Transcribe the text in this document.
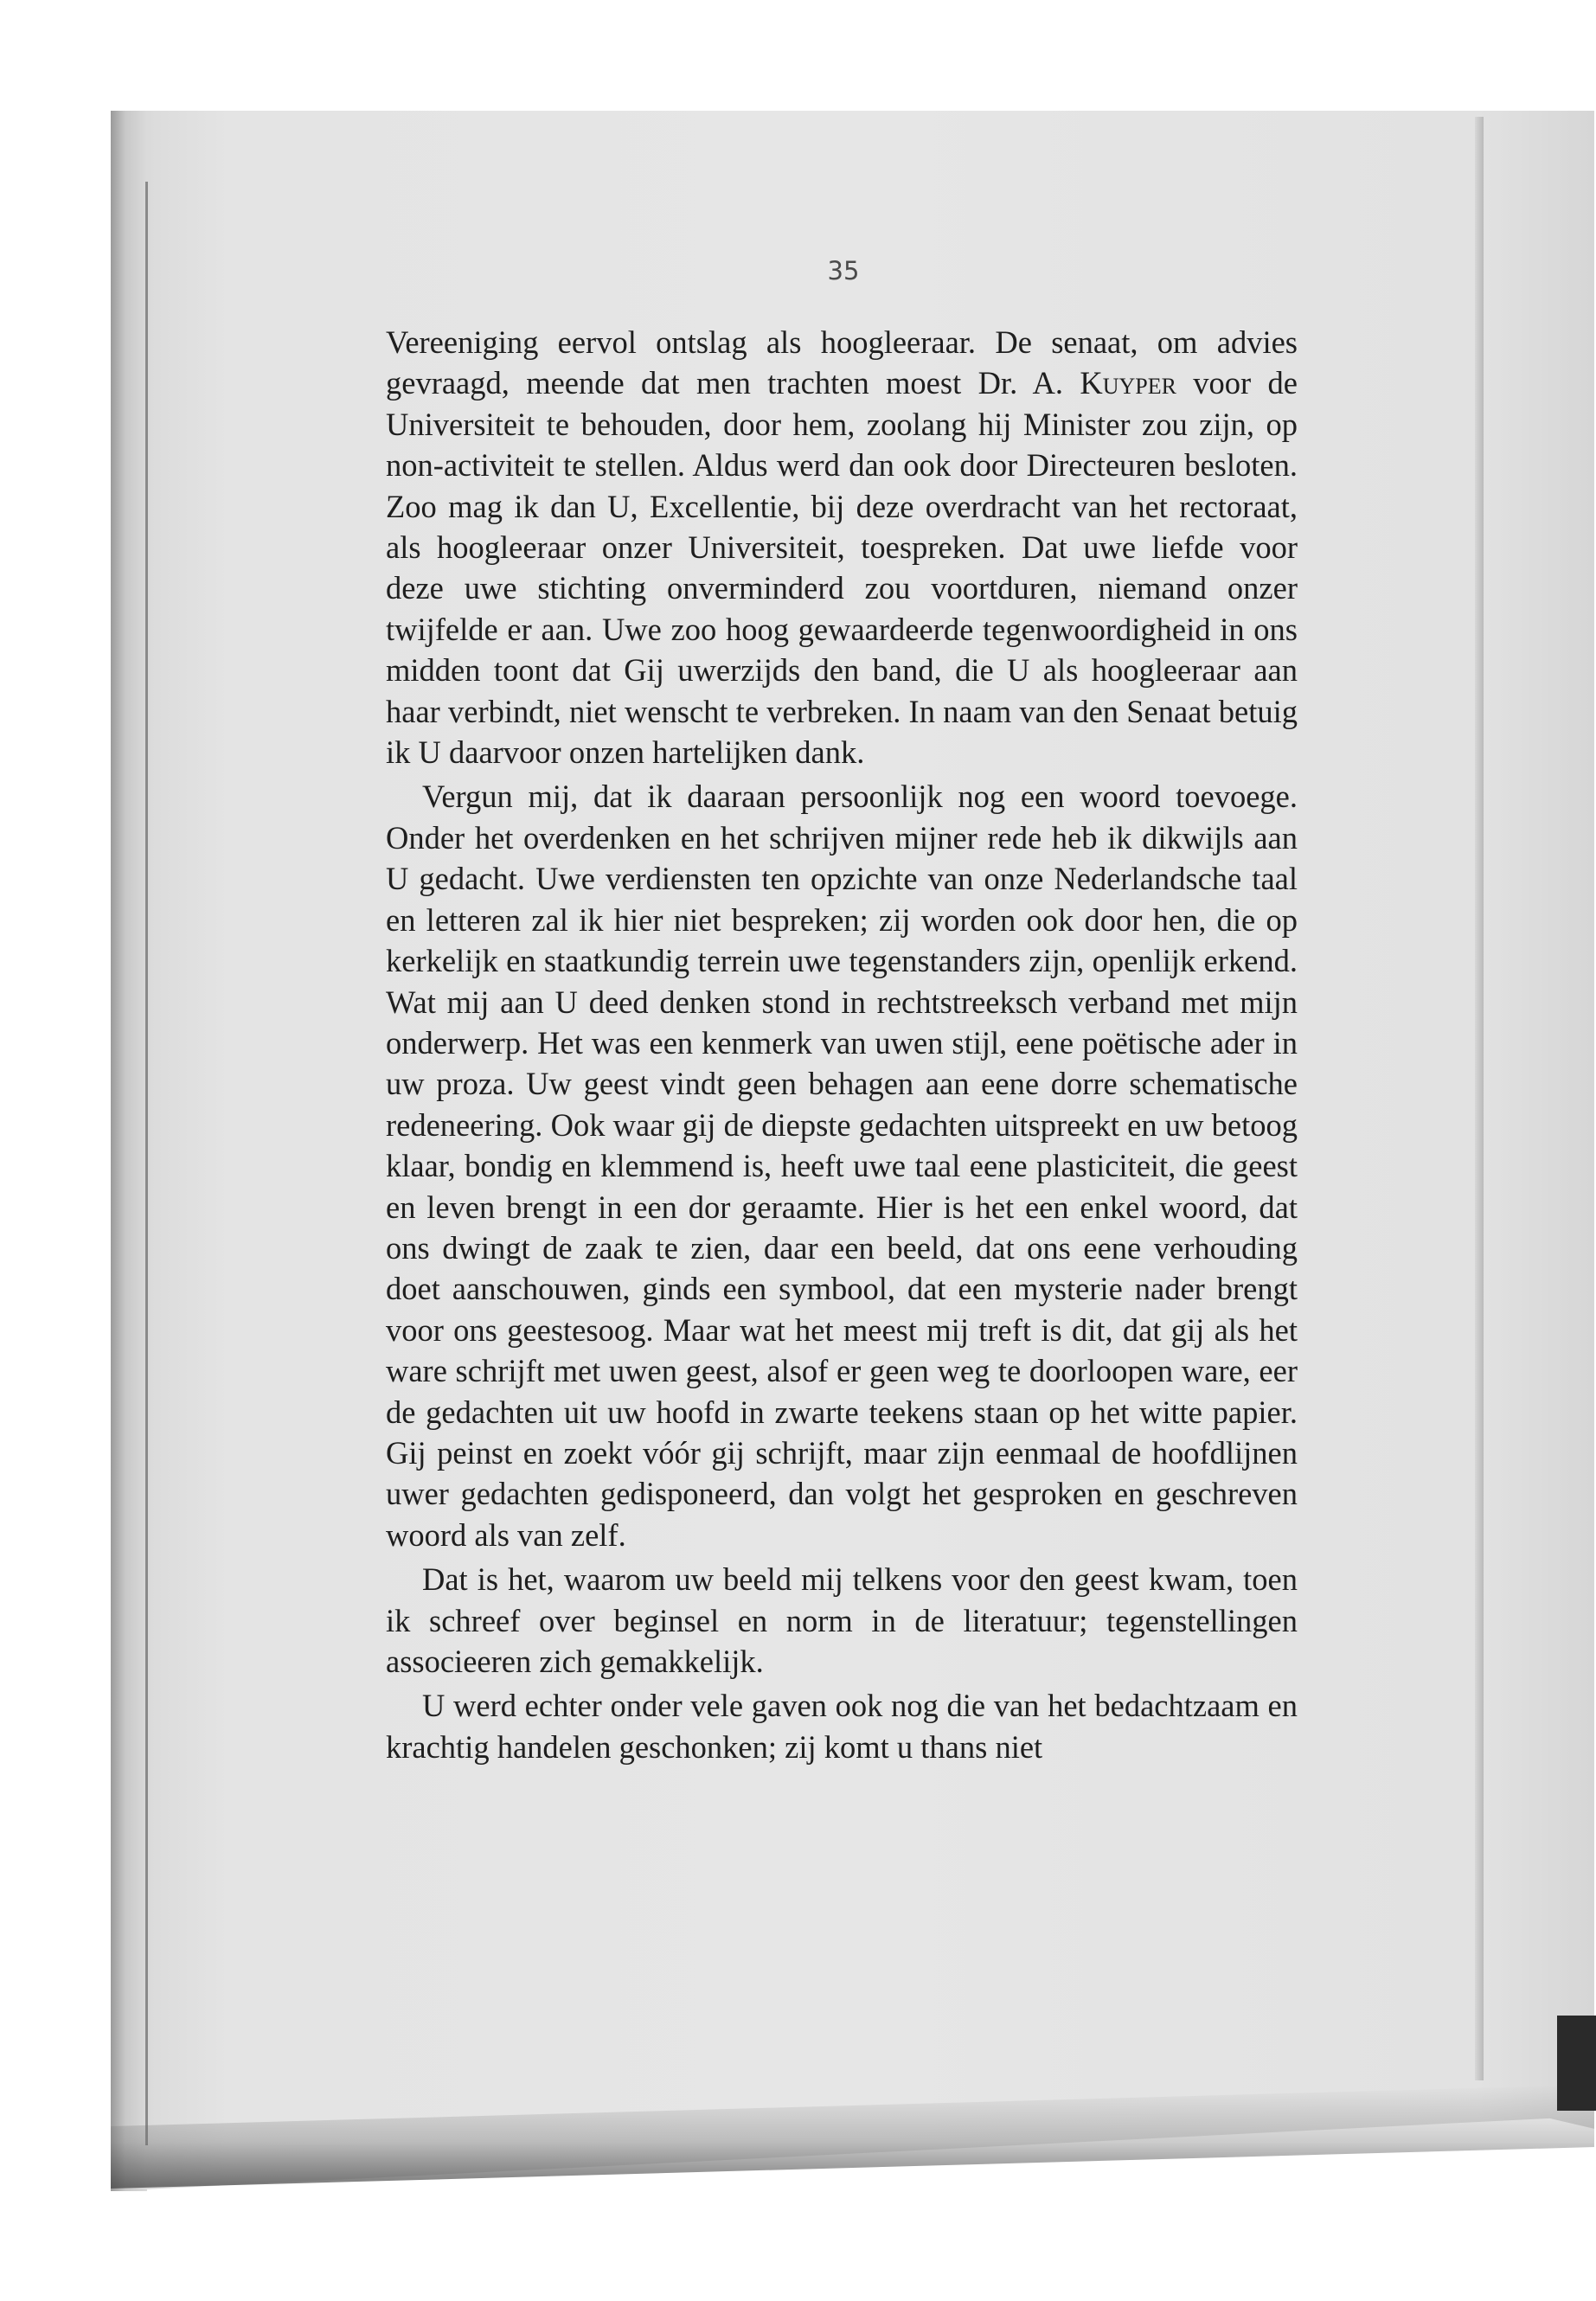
35

Vereeniging eervol ontslag als hoogleeraar. De senaat, om advies gevraagd, meende dat men trachten moest Dr. A. Kuyper voor de Universiteit te behouden, door hem, zoolang hij Minister zou zijn, op non-activiteit te stellen. Aldus werd dan ook door Directeuren besloten. Zoo mag ik dan U, Excellentie, bij deze overdracht van het rectoraat, als hoogleeraar onzer Universiteit, toespreken. Dat uwe liefde voor deze uwe stichting onverminderd zou voortduren, niemand onzer twijfelde er aan. Uwe zoo hoog gewaardeerde tegenwoordigheid in ons midden toont dat Gij uwerzijds den band, die U als hoogleeraar aan haar verbindt, niet wenscht te verbreken. In naam van den Senaat betuig ik U daarvoor onzen hartelijken dank.

Vergun mij, dat ik daaraan persoonlijk nog een woord toevoege. Onder het overdenken en het schrijven mijner rede heb ik dikwijls aan U gedacht. Uwe verdiensten ten opzichte van onze Nederlandsche taal en letteren zal ik hier niet bespreken; zij worden ook door hen, die op kerkelijk en staatkundig terrein uwe tegenstanders zijn, openlijk erkend. Wat mij aan U deed denken stond in rechtstreeksch verband met mijn onderwerp. Het was een kenmerk van uwen stijl, eene poëtische ader in uw proza. Uw geest vindt geen behagen aan eene dorre schematische redeneering. Ook waar gij de diepste gedachten uitspreekt en uw betoog klaar, bondig en klemmend is, heeft uwe taal eene plasticiteit, die geest en leven brengt in een dor geraamte. Hier is het een enkel woord, dat ons dwingt de zaak te zien, daar een beeld, dat ons eene verhouding doet aanschouwen, ginds een symbool, dat een mysterie nader brengt voor ons geestesoog. Maar wat het meest mij treft is dit, dat gij als het ware schrijft met uwen geest, alsof er geen weg te doorloopen ware, eer de gedachten uit uw hoofd in zwarte teekens staan op het witte papier. Gij peinst en zoekt vóór gij schrijft, maar zijn eenmaal de hoofdlijnen uwer gedachten gedisponeerd, dan volgt het gesproken en geschreven woord als van zelf.

Dat is het, waarom uw beeld mij telkens voor den geest kwam, toen ik schreef over beginsel en norm in de literatuur; tegenstellingen associeeren zich gemakkelijk.

U werd echter onder vele gaven ook nog die van het bedachtzaam en krachtig handelen geschonken; zij komt u thans niet
